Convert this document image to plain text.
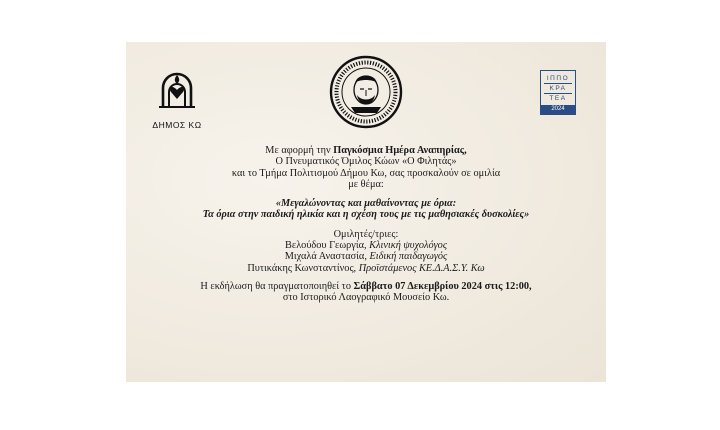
ΔΗΜΟΣ ΚΩ
ΙΠΠΟ
ΚΡΑ
ΤΕΑ
2024

Με αφορμή την Παγκόσμια Ημέρα Αναπηρίας,

Ο Πνευματικός Όμιλος Κώων «Ο Φιλητάς»

και το Τμήμα Πολιτισμού Δήμου Κω, σας προσκαλούν σε ομιλία

με θέμα:

«Μεγαλώνοντας και μαθαίνοντας με όρια:

Τα όρια στην παιδική ηλικία και η σχέση τους με τις μαθησιακές δυσκολίες»

Ομιλητές/τριες:

Βελούδου Γεωργία, Κλινική ψυχολόγος

Μιχαλά Αναστασία, Ειδική παιδαγωγός

Πυτικάκης Κωνσταντίνος, Προϊστάμενος ΚΕ.Δ.Α.Σ.Υ. Κω

Η εκδήλωση θα πραγματοποιηθεί το Σάββατο 07 Δεκεμβρίου 2024 στις 12:00,

στο Ιστορικό Λαογραφικό Μουσείο Κω.
